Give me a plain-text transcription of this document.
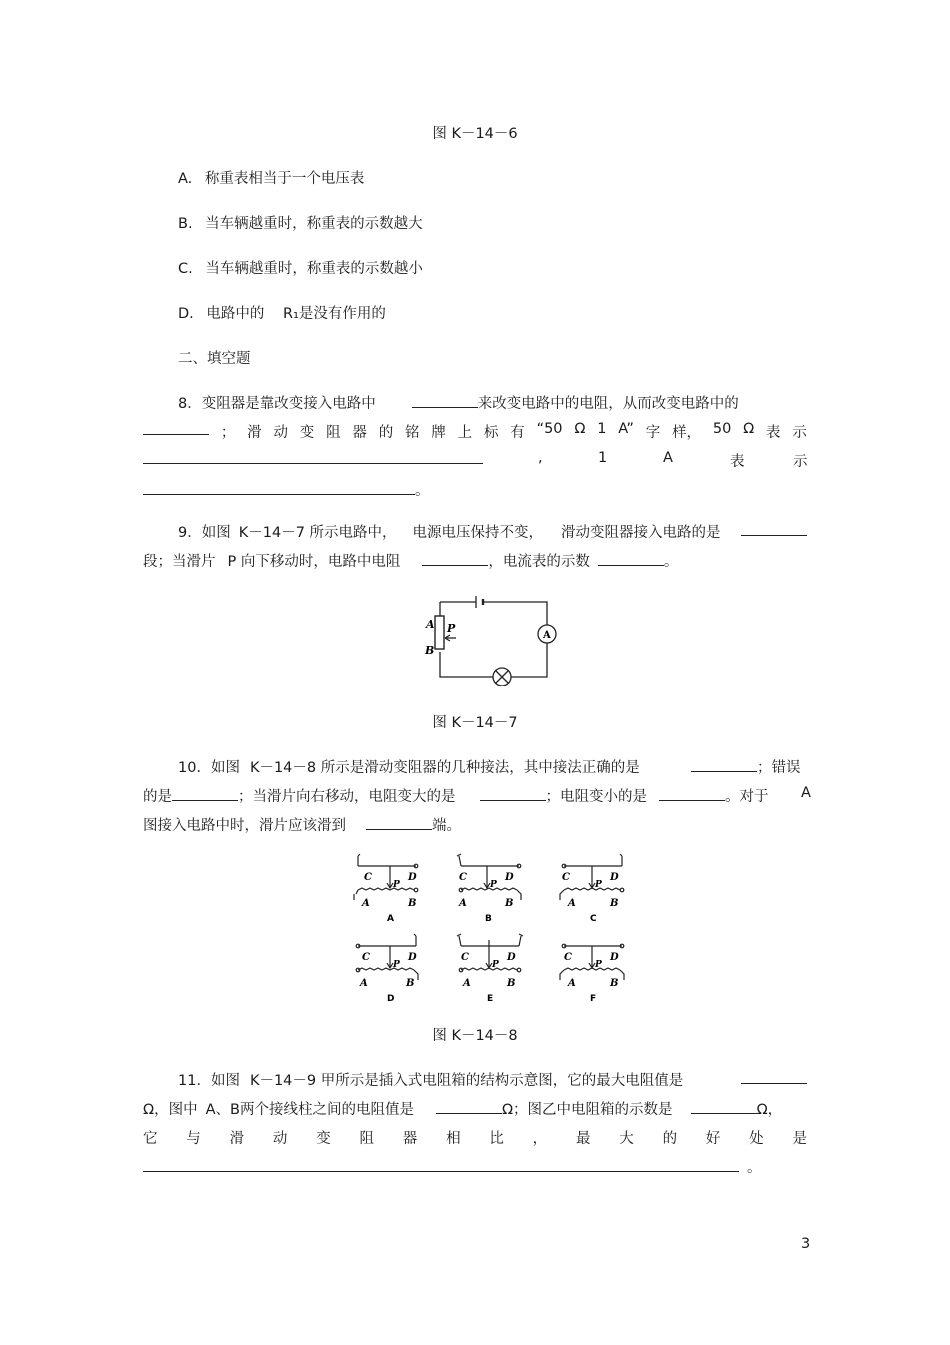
图 K－14－6
A. 称重表相当于一个电压表
B. 当车辆越重时，称重表的示数越大
C. 当车辆越重时，称重表的示数越小
D. 电路中的 R₁是没有作用的
二、填空题
8．变阻器是靠改变接入电路中	来改变电路中的电阻，从而改变电路中的
； 滑 动 变 阻 器 的 铭 牌 上 标 有 “50 Ω 1 A” 字 样， 50 Ω 表 示
,	1	A	表	示
。
9．如图 K－14－7 所示电路中， 电源电压保持不变， 滑动变阻器接入电路的是
段；当滑片 P 向下移动时，电路中电阻	，电流表的示数	。
A
B
P
A
图 K－14－7
10．如图 K－14－8 所示是滑动变阻器的几种接法，其中接法正确的是	；错误
的是	；当滑片向右移动，电阻变大的是	；电阻变小的是	。对于 A
图接入电路中时，滑片应该滑到	端。
C	D
P
A	B
A
C	D
P
A	B
B
C	D
P
A	B
C
C	D
P
A	B
D
C	D
P
A	B
E
C	D
P
A	B
F
图 K－14－8
11．如图 K－14－9 甲所示是插入式电阻箱的结构示意图，它的最大电阻值是
Ω，图中 A、B两个接线柱之间的电阻值是	Ω；图乙中电阻箱的示数是	Ω，
它 与 滑 动 变 阻 器 相 比 ， 最 大 的 好 处 是
。
3
